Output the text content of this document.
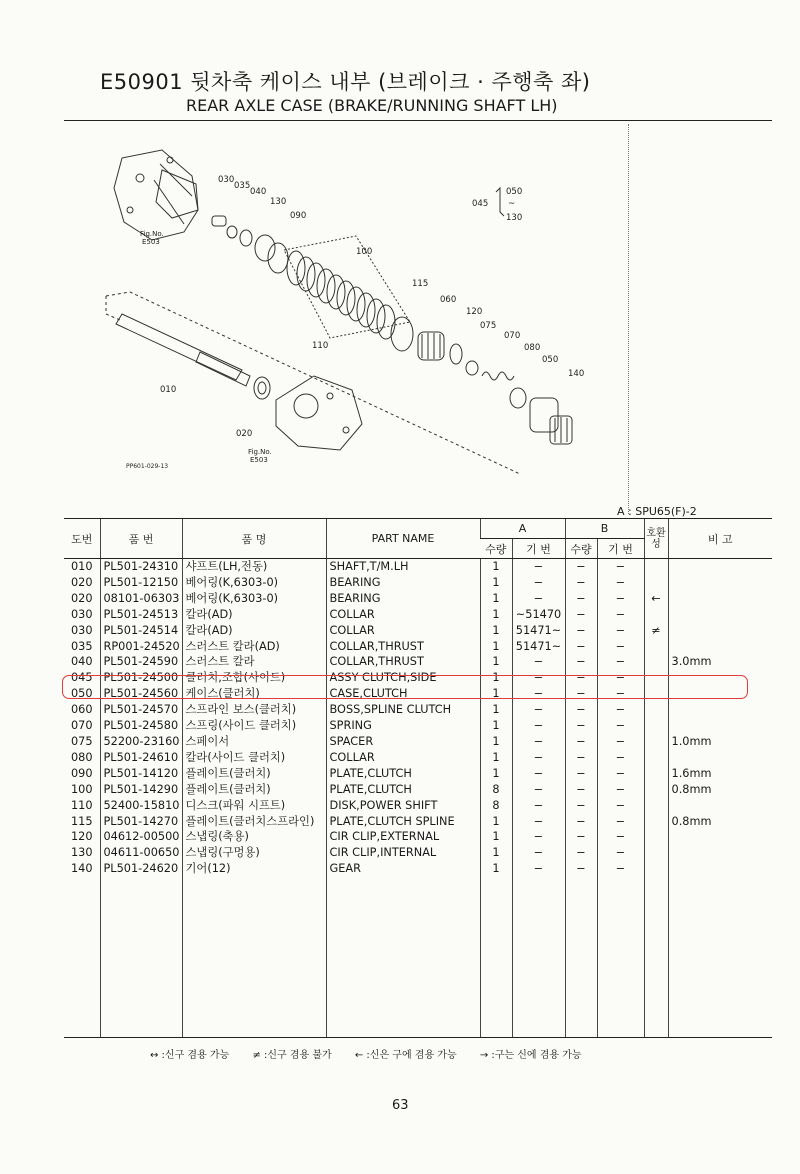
E50901 뒷차축 케이스 내부 (브레이크 · 주행축 좌)
REAR AXLE CASE (BRAKE/RUNNING SHAFT LH)
030
035
040
130
090
100
115
060
120
075
070
080
050
140
110
010
020
045
050
~
130
Fig.No.
E503
Fig.No.
E503
PP601-029-13
A : SPU65(F)-2
도번	품 번	품 명	PART NAME	A		B		호환성	비 고
				수량	기 번	수량	기 번		
010	PL501-24310	샤프트(LH,전동)	SHAFT,T/M.LH	1	−	−	−		
020	PL501-12150	베어링(K,6303-0)	BEARING	1	−	−	−		
020	08101-06303	베어링(K,6303-0)	BEARING	1	−	−	−	←	
030	PL501-24513	칼라(AD)	COLLAR	1	~51470	−	−		
030	PL501-24514	칼라(AD)	COLLAR	1	51471~	−	−	≠	
035	RP001-24520	스러스트 칼라(AD)	COLLAR,THRUST	1	51471~	−	−		
040	PL501-24590	스러스트 칼라	COLLAR,THRUST	1	−	−	−		3.0mm
045	PL501-24500	클러치,조합(사이드)	ASSY CLUTCH,SIDE	1	−	−	−		
050	PL501-24560	케이스(클러치)	CASE,CLUTCH	1	−	−	−		
060	PL501-24570	스프라인 보스(클러치)	BOSS,SPLINE CLUTCH	1	−	−	−		
070	PL501-24580	스프링(사이드 클러치)	SPRING	1	−	−	−		
075	52200-23160	스페이서	SPACER	1	−	−	−		1.0mm
080	PL501-24610	칼라(사이드 클러치)	COLLAR	1	−	−	−		
090	PL501-14120	플레이트(클러치)	PLATE,CLUTCH	1	−	−	−		1.6mm
100	PL501-14290	플레이트(클러치)	PLATE,CLUTCH	8	−	−	−		0.8mm
110	52400-15810	디스크(파워 시프트)	DISK,POWER SHIFT	8	−	−	−		
115	PL501-14270	플레이트(클러치스프라인)	PLATE,CLUTCH SPLINE	1	−	−	−		0.8mm
120	04612-00500	스냅링(축용)	CIR CLIP,EXTERNAL	1	−	−	−		
130	04611-00650	스냅링(구멍용)	CIR CLIP,INTERNAL	1	−	−	−		
140	PL501-24620	기어(12)	GEAR	1	−	−	−		

↔ :신구 겸용 가능 ≠ :신구 겸용 불가 ← :신은 구에 겸용 가능 → :구는 신에 겸용 가능
63
